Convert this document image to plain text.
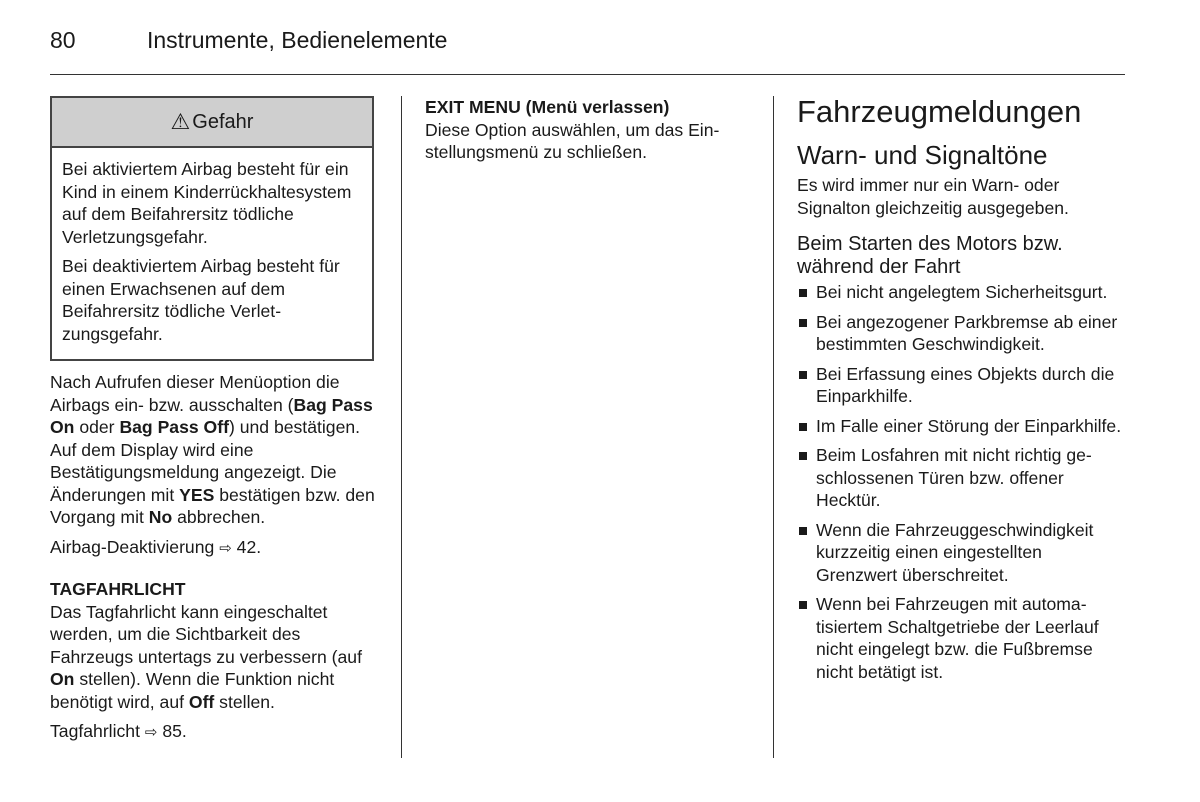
80	Instrumente, Bedienelemente
⚠ Gefahr

Bei aktiviertem Airbag besteht für ein Kind in einem Kinderrückhaltesystem auf dem Beifahrersitz tödliche Verletzungsgefahr.

Bei deaktiviertem Airbag besteht für einen Erwachsenen auf dem Beifahrersitz tödliche Verletzungsgefahr.

Nach Aufrufen dieser Menüoption die Airbags ein- bzw. ausschalten (Bag Pass On oder Bag Pass Off) und bestätigen. Auf dem Display wird eine Bestätigungsmeldung angezeigt. Die Änderungen mit YES bestätigen bzw. den Vorgang mit No abbrechen.

Airbag-Deaktivierung ⇨ 42.

TAGFAHRLICHT

Das Tagfahrlicht kann eingeschaltet werden, um die Sichtbarkeit des Fahrzeugs untertags zu verbessern (auf On stellen). Wenn die Funktion nicht benötigt wird, auf Off stellen.

Tagfahrlicht ⇨ 85.

EXIT MENU (Menü verlassen)

Diese Option auswählen, um das Einstellungsmenü zu schließen.

Fahrzeugmeldungen
Warn- und Signaltöne

Es wird immer nur ein Warn- oder Signalton gleichzeitig ausgegeben.

Beim Starten des Motors bzw. während der Fahrt
Bei nicht angelegtem Sicherheitsgurt.
Bei angezogener Parkbremse ab einer bestimmten Geschwindigkeit.
Bei Erfassung eines Objekts durch die Einparkhilfe.
Im Falle einer Störung der Einparkhilfe.
Beim Losfahren mit nicht richtig geschlossenen Türen bzw. offener Hecktür.
Wenn die Fahrzeuggeschwindigkeit kurzzeitig einen eingestellten Grenzwert überschreitet.
Wenn bei Fahrzeugen mit automatisiertem Schaltgetriebe der Leerlauf nicht eingelegt bzw. die Fußbremse nicht betätigt ist.
